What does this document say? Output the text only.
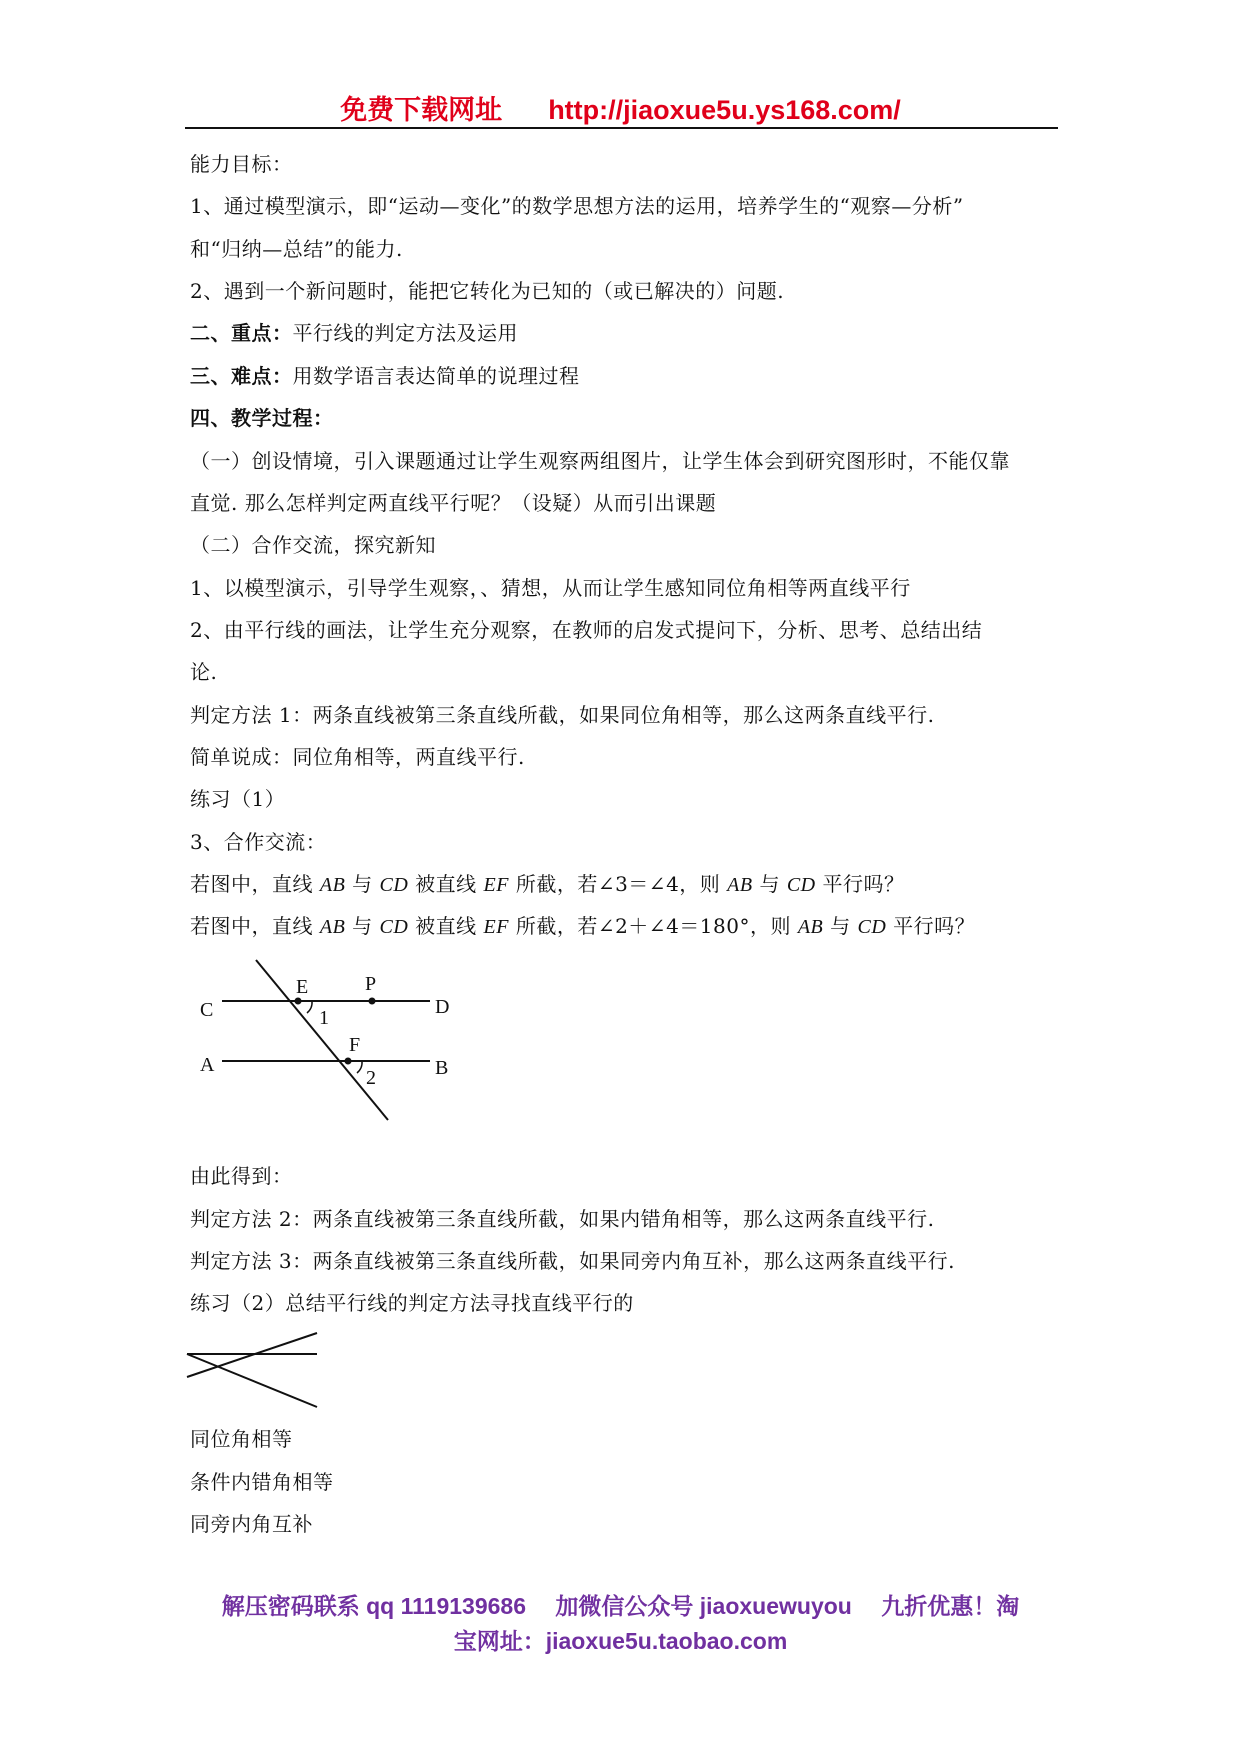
免费下载网址 http://jiaoxue5u.ys168.com/
能力目标：
1、通过模型演示，即“运动—变化”的数学思想方法的运用，培养学生的“观察—分析”
和“归纳—总结”的能力.
2、遇到一个新问题时，能把它转化为已知的（或已解决的）问题.
二、重点：平行线的判定方法及运用
三、难点：用数学语言表达简单的说理过程
四、教学过程：
（一）创设情境，引入课题通过让学生观察两组图片，让学生体会到研究图形时，不能仅靠
直觉. 那么怎样判定两直线平行呢？（设疑）从而引出课题
（二）合作交流，探究新知
1、以模型演示，引导学生观察，、猜想，从而让学生感知同位角相等两直线平行
2、由平行线的画法，让学生充分观察，在教师的启发式提问下，分析、思考、总结出结
论.
判定方法 1：两条直线被第三条直线所截，如果同位角相等，那么这两条直线平行.
简单说成：同位角相等，两直线平行.
练习（1）
3、合作交流：
若图中，直线 AB 与 CD 被直线 EF 所截，若∠3＝∠4，则 AB 与 CD 平行吗？
若图中，直线 AB 与 CD 被直线 EF 所截，若∠2＋∠4＝180°，则 AB 与 CD 平行吗？
C
E	P
D
1
F
A
2	B
由此得到：
判定方法 2：两条直线被第三条直线所截，如果内错角相等，那么这两条直线平行.
判定方法 3：两条直线被第三条直线所截，如果同旁内角互补，那么这两条直线平行.
练习（2）总结平行线的判定方法寻找直线平行的
同位角相等
条件内错角相等
同旁内角互补
解压密码联系 qq 1119139686　 加微信公众号 jiaoxuewuyou　 九折优惠！淘
宝网址：jiaoxue5u.taobao.com
